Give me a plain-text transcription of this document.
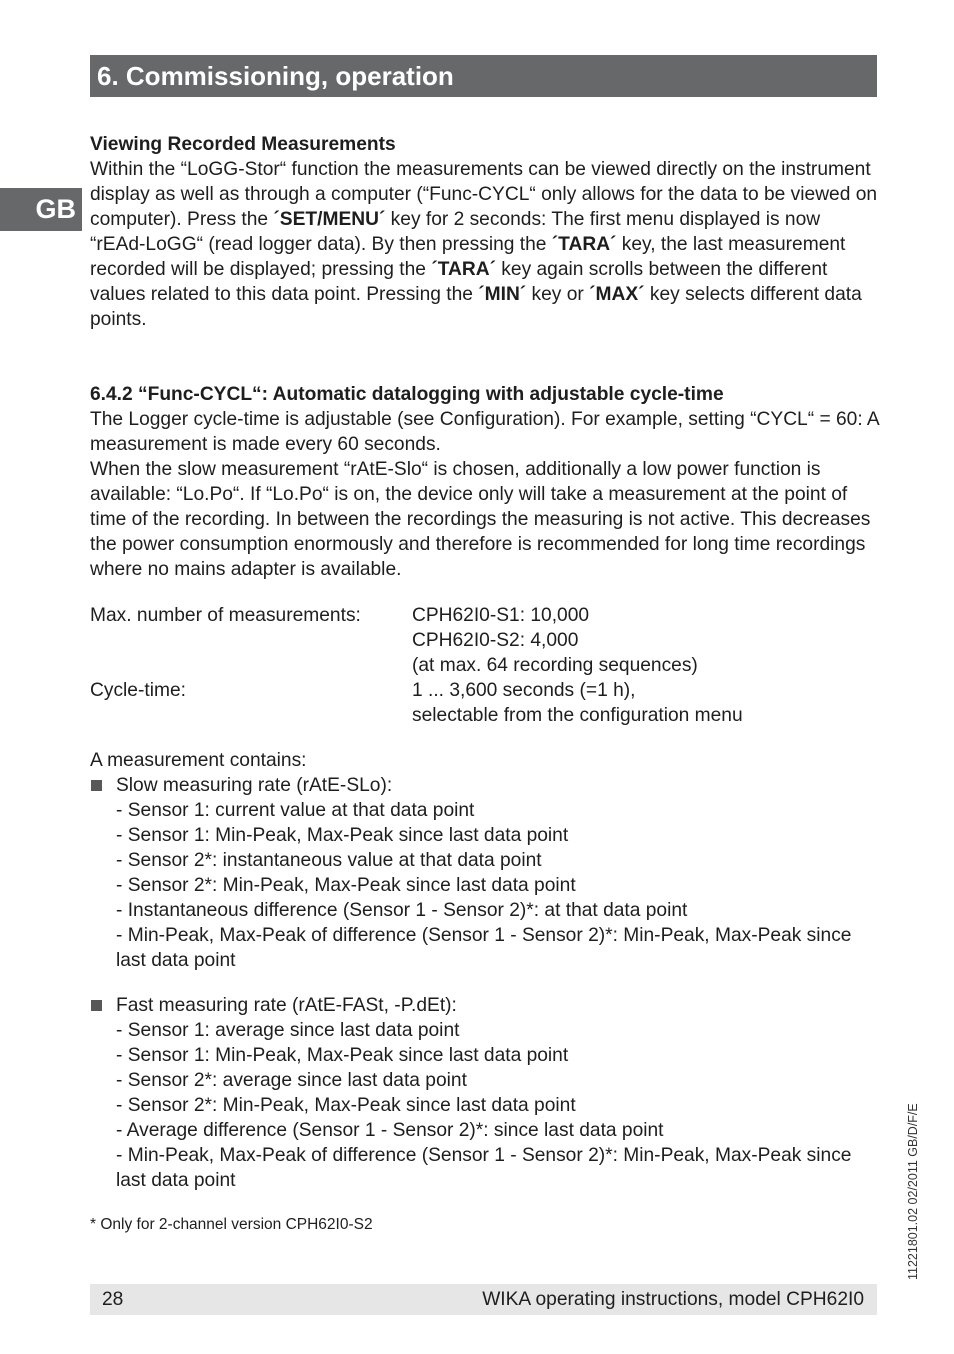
6. Commissioning, operation
GB

Viewing Recorded Measurements

Within the “LoGG-Stor“ function the measurements can be viewed directly on the instrument display as well as through a computer (“Func-CYCL“ only allows for the data to be viewed on computer). Press the ´SET/MENU´ key for 2 seconds: The first menu displayed is now “rEAd-LoGG“ (read logger data). By then pressing the ´TARA´ key, the last measurement recorded will be displayed; pressing the ´TARA´ key again scrolls between the different values related to this data point. Pressing the ´MIN´ key or ´MAX´ key selects different data points.

6.4.2 “Func-CYCL“: Automatic datalogging with adjustable cycle-time

The Logger cycle-time is adjustable (see Configuration). For example, setting “CYCL“ = 60: A measurement is made every 60 seconds.

When the slow measurement “rAtE-Slo“ is chosen, additionally a low power function is available: “Lo.Po“. If “Lo.Po“ is on, the device only will take a measurement at the point of time of the recording. In between the recordings the measuring is not active. This decreases the power consumption enormously and therefore is recommended for long time recordings where no mains adapter is available.

Max. number of measurements:	CPH62I0-S1: 10,000
CPH62I0-S2: 4,000
(at max. 64 recording sequences)
Cycle-time:	1 ... 3,600 seconds (=1 h),
selectable from the configuration menu

A measurement contains:

Slow measuring rate (rAtE-SLo):
- Sensor 1: current value at that data point
- Sensor 1: Min-Peak, Max-Peak since last data point
- Sensor 2*: instantaneous value at that data point
- Sensor 2*: Min-Peak, Max-Peak since last data point
- Instantaneous difference (Sensor 1 - Sensor 2)*: at that data point
- Min-Peak, Max-Peak of difference (Sensor 1 - Sensor 2)*: Min-Peak, Max-Peak since last data point
Fast measuring rate (rAtE-FASt, -P.dEt):
- Sensor 1: average since last data point
- Sensor 1: Min-Peak, Max-Peak since last data point
- Sensor 2*: average since last data point
- Sensor 2*: Min-Peak, Max-Peak since last data point
- Average difference (Sensor 1 - Sensor 2)*: since last data point
- Min-Peak, Max-Peak of difference (Sensor 1 - Sensor 2)*: Min-Peak, Max-Peak since last data point
* Only for 2-channel version CPH62I0-S2
28	WIKA operating instructions, model CPH62I0
11221801.02 02/2011 GB/D/F/E
